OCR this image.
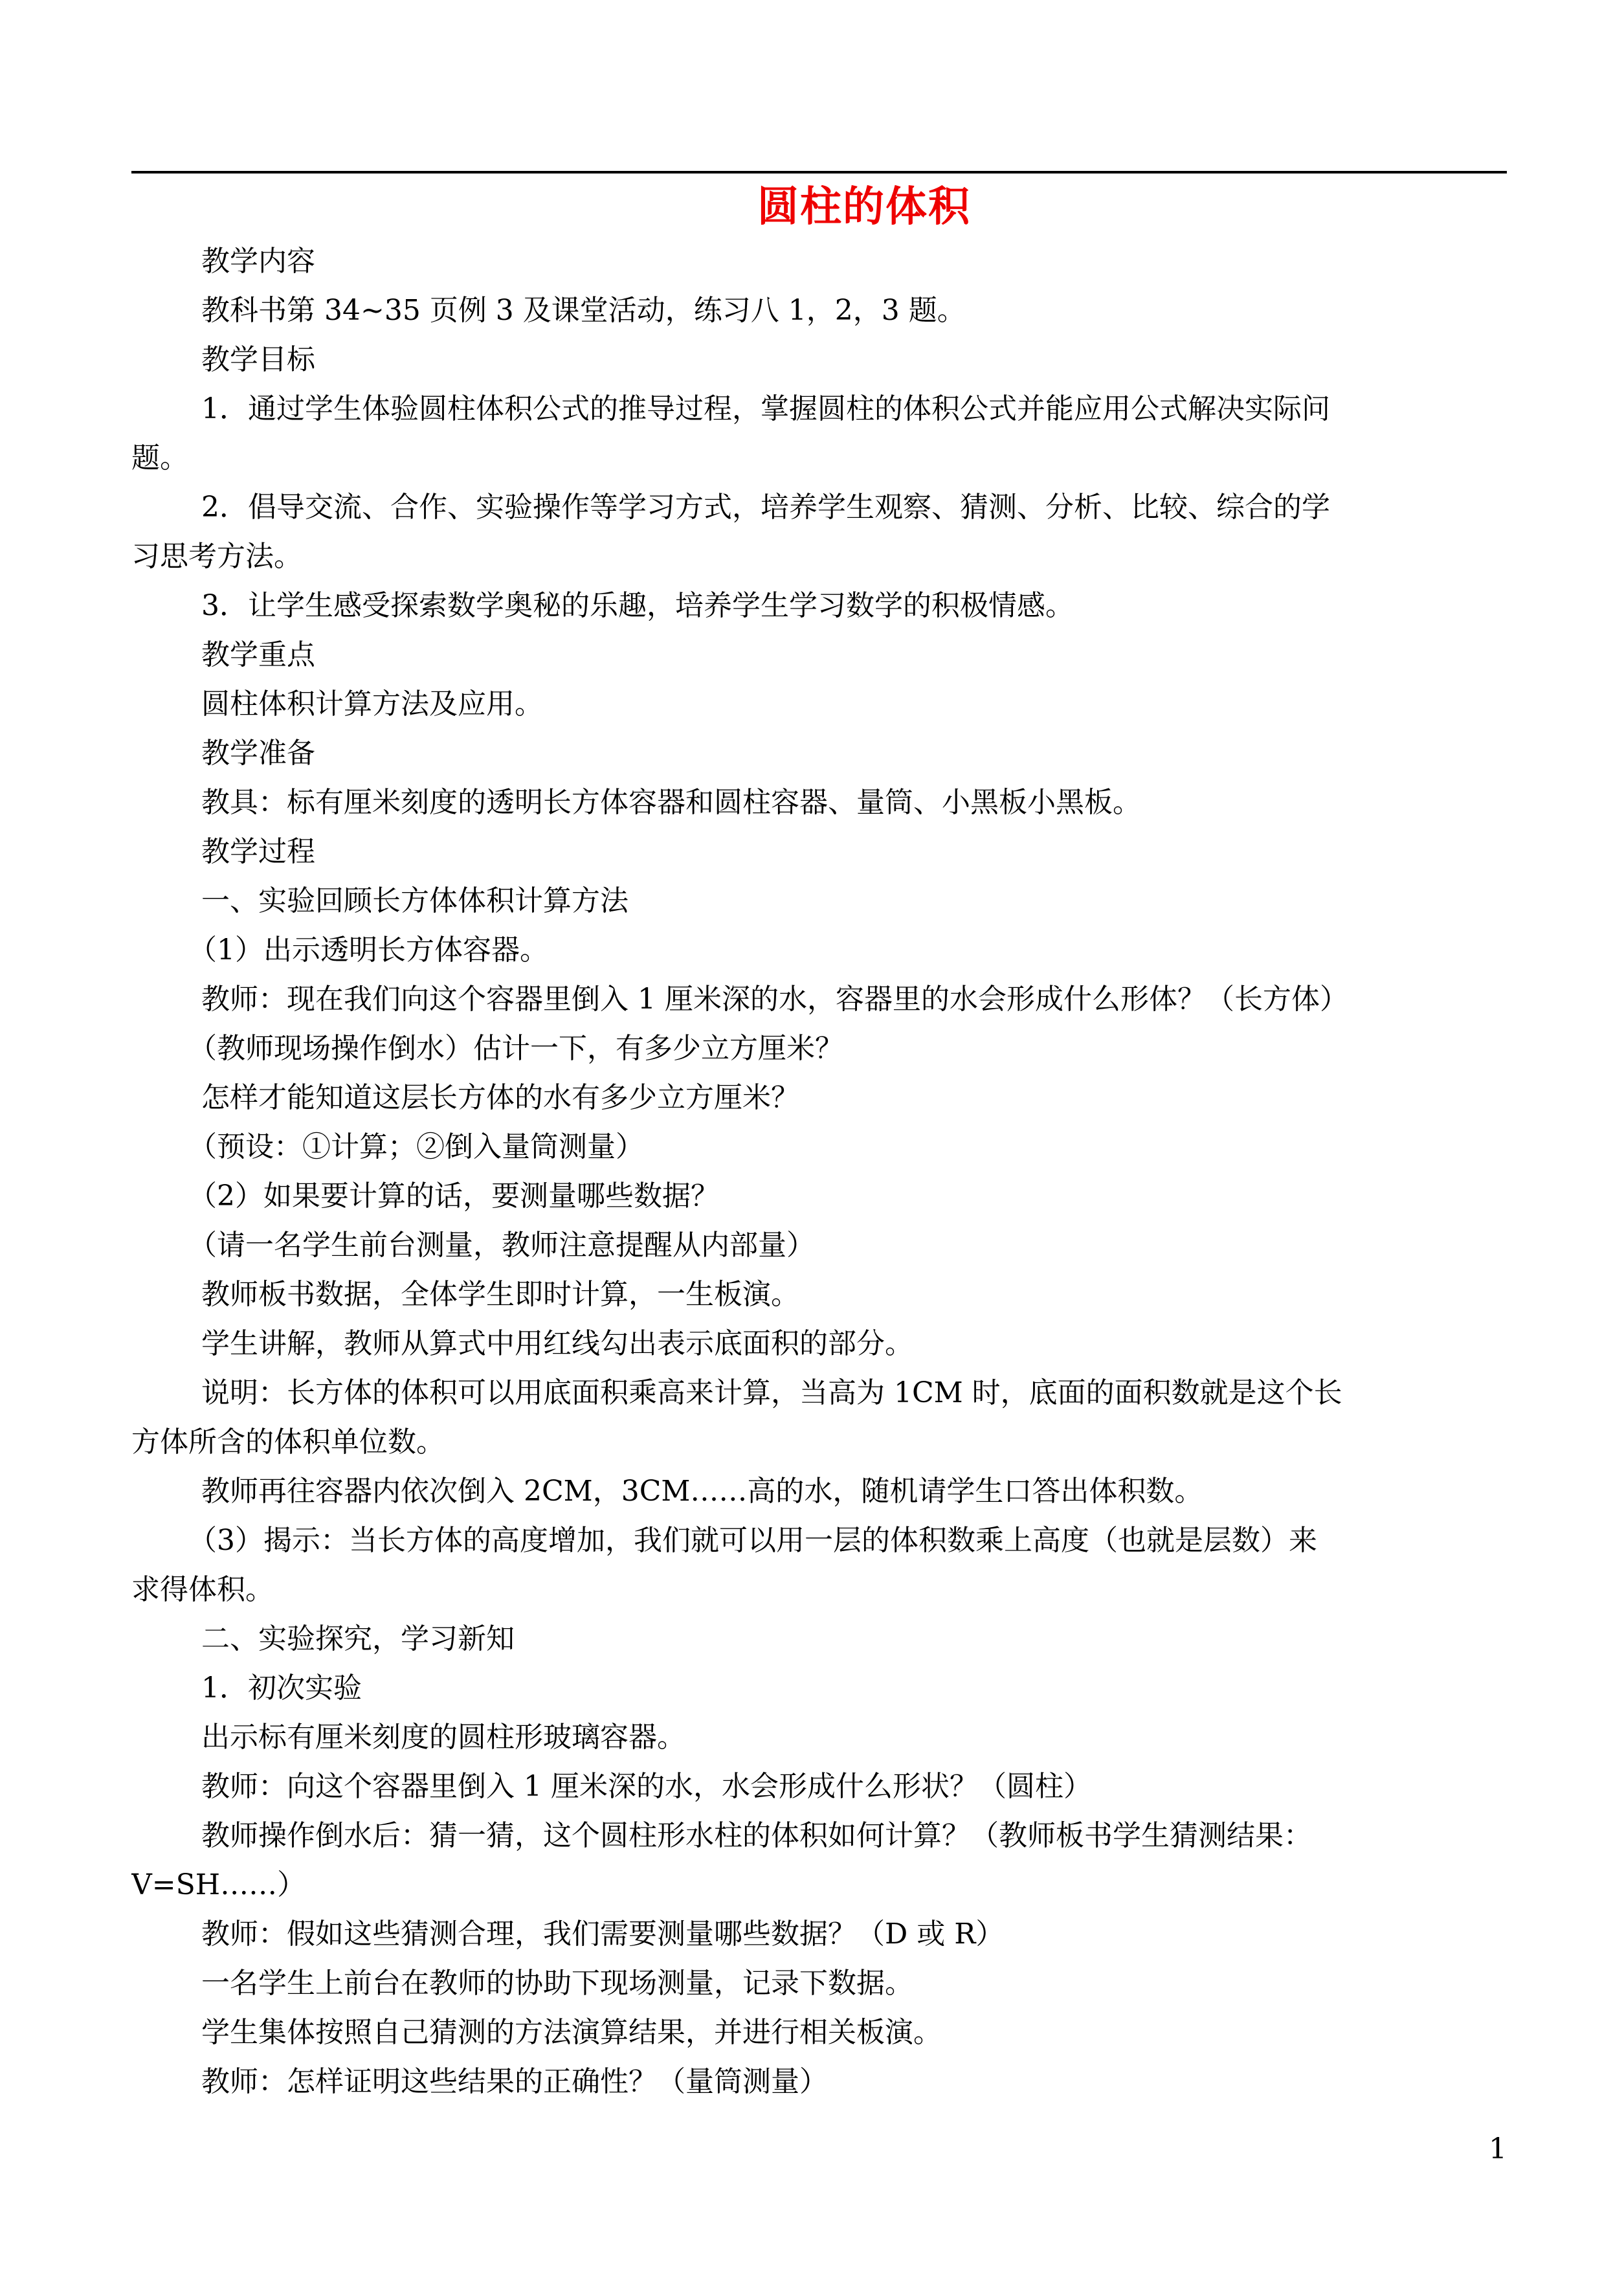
圆柱的体积
教学内容
教科书第 34~35 页例 3 及课堂活动，练习八 1，2，3 题。
教学目标
1．通过学生体验圆柱体积公式的推导过程，掌握圆柱的体积公式并能应用公式解决实际问
题。
2．倡导交流、合作、实验操作等学习方式，培养学生观察、猜测、分析、比较、综合的学
习思考方法。
3．让学生感受探索数学奥秘的乐趣，培养学生学习数学的积极情感。
教学重点
圆柱体积计算方法及应用。
教学准备
教具：标有厘米刻度的透明长方体容器和圆柱容器、量筒、小黑板小黑板。
教学过程
一、实验回顾长方体体积计算方法
（1）出示透明长方体容器。
教师：现在我们向这个容器里倒入 1 厘米深的水，容器里的水会形成什么形体？（长方体）
（教师现场操作倒水）估计一下，有多少立方厘米？
怎样才能知道这层长方体的水有多少立方厘米？
（预设：①计算；②倒入量筒测量）
（2）如果要计算的话，要测量哪些数据？
（请一名学生前台测量，教师注意提醒从内部量）
教师板书数据，全体学生即时计算，一生板演。
学生讲解，教师从算式中用红线勾出表示底面积的部分。
说明：长方体的体积可以用底面积乘高来计算，当高为 1CM 时，底面的面积数就是这个长
方体所含的体积单位数。
教师再往容器内依次倒入 2CM，3CM……高的水，随机请学生口答出体积数。
（3）揭示：当长方体的高度增加，我们就可以用一层的体积数乘上高度（也就是层数）来
求得体积。
二、实验探究，学习新知
1．初次实验
出示标有厘米刻度的圆柱形玻璃容器。
教师：向这个容器里倒入 1 厘米深的水，水会形成什么形状？（圆柱）
教师操作倒水后：猜一猜，这个圆柱形水柱的体积如何计算？（教师板书学生猜测结果：
V=SH……）
教师：假如这些猜测合理，我们需要测量哪些数据？（D 或 R）
一名学生上前台在教师的协助下现场测量，记录下数据。
学生集体按照自己猜测的方法演算结果，并进行相关板演。
教师：怎样证明这些结果的正确性？（量筒测量）
1
